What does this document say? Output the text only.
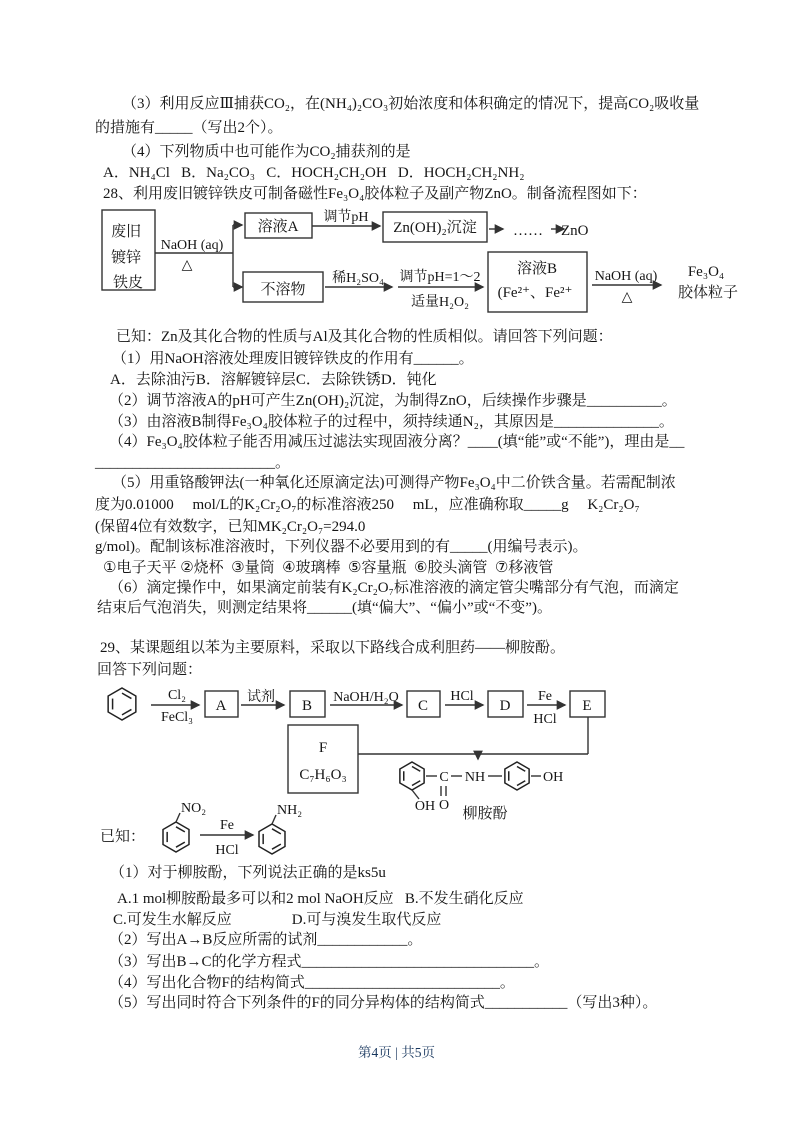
（3）利用反应Ⅲ捕获CO₂，在(NH₄)₂CO₃初始浓度和体积确定的情况下，提高CO₂吸收量
的措施有_____（写出2个）。
（4）下列物质中也可能作为CO₂捕获剂的是
A．NH₄Cl   B．Na₂CO₃   C．HOCH₂CH₂OH   D．HOCH₂CH₂NH₂
28、利用废旧镀锌铁皮可制备磁性Fe₃O₄胶体粒子及副产物ZnO。制备流程图如下：
废旧 镀锌 铁皮
NaOH (aq)
△
溶液A
调节pH
Zn(OH)₂沉淀 …… ZnO
不溶物
稀H₂SO₄ 调节pH=1～2
适量H₂O₂
溶液B
(Fe²⁺、Fe²⁺
NaOH (aq)
△
Fe₃O₄
胶体粒子
已知：Zn及其化合物的性质与Al及其化合物的性质相似。请回答下列问题：
（1）用NaOH溶液处理废旧镀锌铁皮的作用有______。
A．去除油污B．溶解镀锌层C．去除铁锈D．钝化
（2）调节溶液A的pH可产生Zn(OH)₂沉淀，为制得ZnO，后续操作步骤是__________。
（3）由溶液B制得Fe₃O₄胶体粒子的过程中，须持续通N₂，其原因是______________。
（4）Fe₃O₄胶体粒子能否用减压过滤法实现固液分离？____(填“能”或“不能”)，理由是__
________________________。
（5）用重铬酸钾法(一种氧化还原滴定法)可测得产物Fe₃O₄中二价铁含量。若需配制浓
度为0.01000     mol/L的K₂Cr₂O₇的标准溶液250     mL，应准确称取_____g     K₂Cr₂O₇
(保留4位有效数字，已知MK₂Cr₂O₇=294.0
g/mol)。配制该标准溶液时，下列仪器不必要用到的有_____(用编号表示)。
①电子天平 ②烧杯  ③量筒  ④玻璃棒  ⑤容量瓶  ⑥胶头滴管  ⑦移液管
（6）滴定操作中，如果滴定前装有K₂Cr₂O₇标准溶液的滴定管尖嘴部分有气泡，而滴定
结束后气泡消失，则测定结果将______(填“偏大”、“偏小”或“不变”)。
29、某课题组以苯为主要原料，采取以下路线合成利胆药——柳胺酚。
回答下列问题：
Cl₂
FeCl₃
A
试剂
B
NaOH/H₂O
C
HCl
D
Fe
HCl
E
F
C₇H₆O₃
OH
C
O
NH	OH
柳胺酚
已知：
NO₂
Fe
HCl
NH₂
（1）对于柳胺酚，下列说法正确的是ks5u
A.1 mol柳胺酚最多可以和2 mol NaOH反应   B.不发生硝化反应
C.可发生水解反应                D.可与溴发生取代反应
（2）写出A→B反应所需的试剂____________。
（3）写出B→C的化学方程式_______________________________。
（4）写出化合物F的结构简式__________________________。
（5）写出同时符合下列条件的F的同分异构体的结构简式___________（写出3种）。
第4页 | 共5页
